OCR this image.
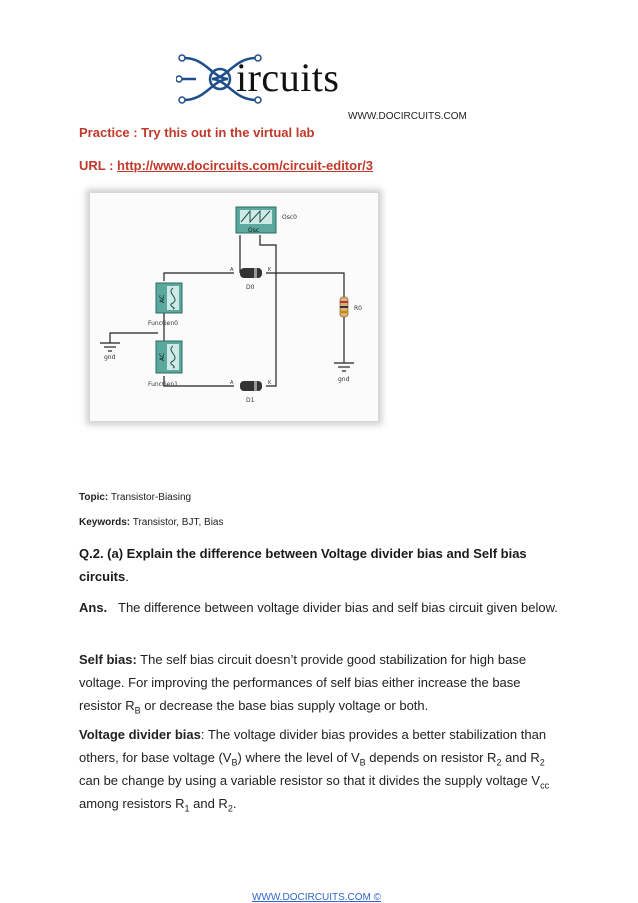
ircuits
WWW.DOCIRCUITS.COM
Practice : Try this out in the virtual lab
URL : http://www.docircuits.com/circuit-editor/3
Osc
Osc0
A	K
D0
A	K
D1
R0
gnd
gnd
AC
FuncGen0
AC
FuncGen1
Topic: Transistor-Biasing
Keywords: Transistor, BJT, Bias
Q.2. (a) Explain the difference between Voltage divider bias and Self bias circuits.
Ans. The difference between voltage divider bias and self bias circuit given below.
Self bias: The self bias circuit doesn’t provide good stabilization for high base voltage. For improving the performances of self bias either increase the base resistor $R_B$ or decrease the base bias supply voltage or both.
Voltage divider bias: The voltage divider bias provides a better stabilization than others, for base voltage $(V_B)$ where the level of $V_B$ depends on resistor $R_2$ and $R_2$ can be change by using a variable resistor so that it divides the supply voltage $V_{cc}$ among resistors $R_1$ and $R_2$.
WWW.DOCIRCUITS.COM ©
